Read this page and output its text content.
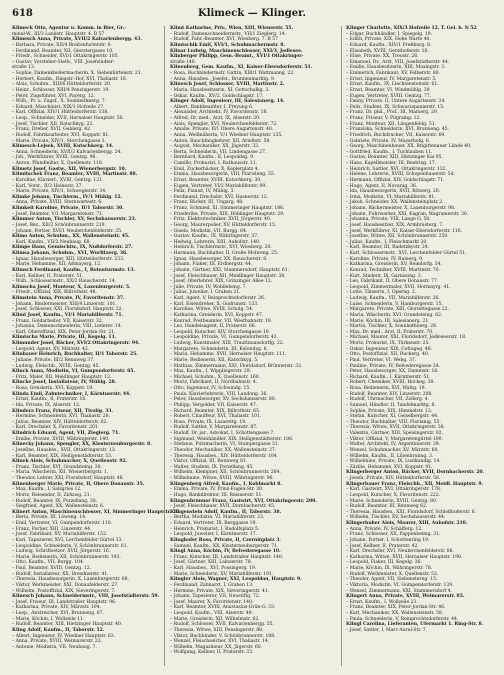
618	Klimeck — Klinger.
Klimeck Otto, Agentur u. Komm. in Bier, Gr.-
minal-W., III/3 Landstr. Hauptstr. 4. B 57
Klimesch Anna, Private, XVII/2 Kalvarienbergg. 43.
– Barbara, Private, XII/4 Breitenfurterstr. 9.
– Ferdinand, Beamter, XII, Gierstergasse 10.
– Friedr., Schneider, XVI/1 Ottakringerstr. 105.
– Gustav, Vorsteher-Stellv., VIII. Josefstädter-
straße 13.
– Sophie, Damenkleidermacherin, X. Siebenhirtenstr. 21.
– Herbert, Kaufm., Ringstr.-Hof, XVI, Thaliastr. 16.
– Alois, Schuhm., XIII/6 Hütteldorferstr. 20.
– Heinr., Schlosser, XIII/4 Penzingerstr. 19.
– Peter, Zugsführer, XVI, Payerg. 12.
– Wilh., Pr. u. Zugsf., X, Sonnleithnerg. 7.
– Eduard, Maschinist, XIX/1 Hofzeile 27.
– Karl, Offizial, XIV/1 Hütteldorferstr. 138.
– Leop., Schneider, XVII, Hernalser Hauptstr. 50.
– Josef, Tischler, XII, Ratschkyg. 22.
– Franz, Dreher, XVII, Geblerg. 42.
– Rudolf, Fabriksarbeiter, XVI, Koppstr. 81.
– Marie, Private, XIV/1, Storchengasse 3.
Klimesch-Lejsek, XVIII, Kutschkerg. 14.
– Anna, Schneiderin, XVII/3 Kalvarienbergg. 24.
– Joh., Werkführer, XVIII, Gentzg. 96.
– Anton, Pfandleiher, X, Quellenstr. 118.
Klimetz Josef, Gastw., XII, Wienerbergstr. 10.
Klimitschek Franz, Beamter, XVIII, Martinstr. 88.
– Karoline, Klavierl., XVIII, Gentzg. 121.
– Karl, Vorst., II/3 Heinestr. 37.
– Marie, Private, XIV/1, Schweglerstr. 34.
Klimke Johann, Tischlerm., IV/1 Mühlg. 12.
– Anna, Private, XVIII, Sternwartestr. 6.
Klimkeit Karoline, Private, II/1 Taborstr. 30.
– Josef, Beamter, V/1 Margaretenstr. 71.
Klimmer Anton, Tischler, XV, Sechshauserstr. 23.
– Josef, Bez., XII/2 Schönbrunnerstr. 219.
– Johann, Portier, XVI/1 Neulerchenfelderstr. 35.
Klimo Anton, Schuhm., XX, Wallensteinstr. 45.
– Karl, Kaufm., VII/2 Neubaug. 68.
Klimpe Hans, Gemischtw., IX, Nußdorferstr. 27.
Klimsa Johann, Schuhm., XVI, Wurlitzerg. 36.
– Ignaz, Hausbesorger, XIII, Hütteldorferstr. 233.
– Marie, Hebamme, XII, Aßmayerg. 12.
Klimsch Ferdinand, Kaufm., I, Rotenturmstr. 13.
– Karl, Kellner, II, Praterstr. 51.
– Wilh., Schlossermstr., XX/2 Rauscherstr. 14.
Klimscha Josef, Monteur, X, Laxenburgerstr. 5.
– Friedr., Offizial, XIX, Billrothstr. 48.
Klimstein Anna, Private, IV, Favoritenstr. 37.
– Johann, Bindermeister, XIII/4 Linzerstr. 101.
– Josef, Schlosser, XXI, Floridsdorf, Hauptstr. 22.
Klimt Josef, Kaufm., VI/1 Mariahilferstr. 71.
– Franz, Goldarbeiter, VII, Kaiserstr. 32.
– Johanna, Damenschneiderin, VIII, Lederer. 14.
– Karl, Oberoffizial, XIX, Peter-Jordan-Str. 21.
Klimtscha Marie, Private, III, Kegelg. 11.
Klimunder Josef, Bäcker, XVI/2 Ottakringerstr. 94.
– Leopold, Agent, XV, Märzstr. 42.
Klinbauer Heinrich, Buchhalter, II/1 Taborstr. 25.
– Juliane, Private, III/2 Rennweg 37.
– Ludwig, Fleischh., XVIII, Gentzg. 45.
Klinck Anna, Modistin, VI, Gumpendorferstr. 65.
– Fritz, Maler, XII, Meidlinger Hauptstr. 12.
Klincke Josef, Installateur, IV, Mühlg. 28.
– Rosa, Greislerin, XVI, Koppstr. 19.
Klinda Emil, Zahntechniker, I, Kärntnerstr. 44.
– Ernst, Kaufm., II, Praterstr. 16.
– Ida, Private, IX, Alserstr. 12.
Klindera Franz, Friseur, XII, Tivolig. 33.
– Hermine, Schneiderin, XVI, Thaliastr. 28.
– Julius, Beamter, XIV, Hütteldorferstr. 62.
– Karl, Drechsler, X, Favoritenstr. 201.
Klindrich Eduard, Agent, VII, Zieglerg. 71.
– Emilie, Private, XVIII, Währingerstr. 140.
Klinecky Johann, Spengler, XX, Klosterneuburgerstr. 8.
– Josefine, Hausbes., XVII, Ottakringerstr. 13.
– Karl, Beamter, XIX, Heiligenstädterstr. 53.
Klinek Alois, Schuhmacher, X, Quellenstr. 92.
– Franz, Tischler, XVI, Grundsteing. 30.
– Maria, Wäscherin, XII, Wienerbergstr. 1.
– Theodor, Lehrer, XXI, Floridsdorf, Hauptstr. 48.
Klinenberger Marie, Private, II, Obere Donaustr. 35.
– Max, Kaufm., I, Salzgries 12.
– Moriz, Reisender, II, Zirkusg. 21.
– Rudolf, Beamter, IX, Porzellang. 30.
– Siegfried, Agent, XX, Wallensteinstr. 6.
Klinert Anton, Maschinenschlosser, XI, Simmeringer Hauptstr. 77.
– Berta, Private, III, Löweng. 14.
– Emil, Vertreter, VI, Gumpendorferstr. 110.
– Franz, Portier, XIII, Linzerstr. 44.
– Josef, Fabrikant, XV, Mariahilferstr. 152.
– Karl, Tapezierer, XVI, Lerchenfelder Gürtel 33.
– Leopoldine, Schneiderin, V, Schönbrunnerstr. 61.
– Ludwig, Schriftsetzer, XVII, Jörgerstr. 16.
– Marie, Bedienerin, XII, Schönbrunnerstr. 193.
– Otto, Kaufm., VII, Burgg. 104.
– Paul, Beamter, XVIII, Gentzg. 12.
– Rudolf, Installateur, XX, Dresdnerstr. 41.
– Theresia, Hausbesorgerin, X, Laxenburgerstr. 68.
– Viktor, Werkmeister, XXI, Donaufelderstr. 27.
– Wilhelm, Postoffizial, XIX, Sieveringerstr. 7.
Klinesch Johann, Schneidermstr., VIII, Josefstädterstr. 59.
– Josef, Friseur, III, Landstraßer Hauptstr. 96.
– Katharina, Private, XIV, Märzstr. 104.
– Leop., Anstreicher, XVI, Brunneng. 67.
– Marie, Köchin, I, Wollzeile 11.
– Rudolf, Beamter, XIII, Hietzinger Hauptstr. 40.
Kling Adolf, Kaufm., II, Taborstr. 52.
– Albert, Ingenieur, IV, Wiedner Hauptstr. 63.
– Anna, Private, XVIII, Weimarerstr. 22.
– Antonie, Modistin, VII, Neubaug. 7.
Klimt Katharine, Priv., Wien, XIII, Wienerstr. 55.
– Rudolf, Damenschneidermstr., VII/1 Zieglerg. 14.
– Rudolf, Fabr.-Beamter, XVI, Wiesberg. 7. B 57
Klimtschik Emil, XVI/1, Schuhmachermstr. 8.
Klinar Ludwig, Maschinenschlosser, XXI/3, Jedlesee.
Klinberger Philipp, Gem.-Beamt., XVI/1 Ottakringer-
straße 140.
Klinenberg, Gem. Kaufm., XI, Kaiser-Ebersdorferstr. 51.
– Rosa, Buchbindermstr. Gattin, XIII/1 Wattmanng. 22.
– Anna, Hausbes., Josefst., Brunnenmarktg. 9.
Klinesch Josef, Schlosser, XVIII, Martinstr. 2.
– Maria, Hausbesitzerin, XI, Gottschalkg. 3.
– Oskar, Kaufm., XV/2, Goldschlagstr. 17.
Klinger Adolf, Ingenieur, III, Salesianerg. 14.
– Albert, Bankbeamter, I, Freyung 6.
– Alexander, Architekt, IV, Favoritenstr. 18.
– Alfred, Dr. med., Arzt, IX, Alserstr. 20.
– Alois, Spengler, XVI, Neulerchenfelderstr. 72.
– Amalie, Private, II/1 Obere Augartenstr. 40.
– Anna, Weißnäherin, V/1 Wiedner Hauptstr. 135.
– Anton, Rauchfangkehrer, XII, Arndtstr. 58.
– August, Mechaniker, XX, Jägerstr. 33.
– Berta, Schneiderin, VII, Lindengasse 27.
– Bernhard, Kaufm., II, Leopoldsg. 9.
– Camillo, Prokurist, I, Rathausstr. 11.
– Emil, Zuckerbäcker, X, Keplerplatz 4.
– Emma, Hausbesorgerin, VIII, Piaristeng. 55.
– Ernst, Beamter, XVIII, Kutschkerg. 30.
– Eugen, Vertreter, VI/2 Mariahilferstr. 99.
– Felix, Pianist, IV, Mühlg. 3.
– Ferdinand, Drechsler, XVI, Hasnerstr. 12.
– Franz, Bäcker, III, Ungarg. 48.
– Franz, Schmied, XI, Simmeringer Hauptstr. 186.
– Friederike, Private, XIX, Döblinger Hauptstr. 29.
– Fritz, Elektrotechniker, XVII, Jörgerstr. 40.
– Georg, Maurerpolier, XV, Hütteldorferstr. 15.
– Gisela, Modistin, VII, Burgg. 64.
– Gustav, Kaufm., IX, Währingerstr. 37.
– Hedwig, Lehrerin, XIII, Auhofstr. 140.
– Heinrich, Tischlermstr., XVI, Wiesberg. 20.
– Hermann, Buchhalter, II, Große Mohreng. 25.
– Ignaz, Hausbesorger, XX, Rauscherstr. 8.
– Johann, Fiaker, III, Erdbergstr. 44.
– Johann, Gärtner, XXI, Stammersdorf, Hauptstr. 61.
– Josef, Fleischhauer, XII, Meidlinger Hauptstr. 38.
– Josef, Oberlehrer, XIX, Grinzinger Allee 12.
– Julie, Private, IV, Wohllebeng. 7.
– Julius, Juwelier, I, Graben 21.
– Karl, Agent, V, Reinprechtsdorferstr. 26.
– Karl, Eisendreher, X, Gudrunstr. 133.
– Karoline, Witwe, XVIII, Schulg. 54.
– Katharina, Greislerin, XVI, Koppstr. 47.
– Konrad, Postbeamter, VII, Westbahnstr. 19.
– Leo, Handelsagent, II, Praterstr. 66.
– Leopold, Kutscher, XIV, Storchengasse 10.
– Leopoldine, Private, VI, Gumpendorferstr. 42.
– Ludwig, Kunstmaler, XIII, Trauttmansdorffg. 22.
– Margarete, Schneiderin, III, Kolonitzg. 6.
– Maria, Hebamme, XVII, Hernalser Hauptstr. 111.
– Marie, Bedienerin, XII, Ratschkyg. 5.
– Mathias, Zimmermann, XXI, Floridsdorf, Brünnerstr. 32.
– Max, Kaufm., I, Wipplingerstr. 29.
– Michael, Schuhm., X, Quellenstr. 160.
– Moriz, Fabrikant, II, Nordbahnstr. 4.
– Otto, Ingenieur, IV, Schwindg. 15.
– Paula, Klavierlehrerin, VIII, Laudong. 36.
– Peter, Hausbesorger, XV, Sechshauserstr. 80.
– Philipp, Vergolder, VII, Kaiserstr. 47.
– Richard, Beamter, XIX, Billrothstr. 65.
– Robert, Chauffeur, XVI, Thaliastr. 101.
– Rosa, Private, IX, Lazarettg. 18.
– Rudolf, Sattler, V, Margaretenstr. 87.
– Rudolf, Dr. jur., Advokat, I, Schottengasse 7.
– Sigmund, Weinhändler, XIX, Heiligenstädterstr. 106.
– Stefanie, Putzmacherin, VI, Stumpergasse 31.
– Theodor, Mechaniker, XX, Wallensteinstr. 27.
– Theresia, Hausbes., XIV, Hütteldorferstr. 104.
– Viktor, Offizial, III, Rennweg 81.
– Walter, Student, IX, Porzellang. 45.
– Wilhelm, Klempner, XII, Schönbrunnerstr. 264.
– Wilhelmine, Witwe, XVIII, Währingerstr. 96.
Klingenberg Alfred, Kaufm., I, Kohlmarkt 8.
– Emma, Private, IV, Prinz-Eugen-Str. 30.
– Hugo, Bankdirektor, III, Reisnerstr. 51.
Klingenbrunner Franz, Gastwirt, XVI, Ottakringerstr. 200.
– Josef, Fleischhauer, XVII, Dornbacherstr. 45.
Klingenstein Adolf, Kaufm., II, Taborstr. 38.
– Bertha, Modistin, VI, Mariahilferstr. 23.
– Eduard, Vertreter, IX, Berggasse 19.
– Heinrich, Prokurist, I, Rudolfsplatz 5.
– Leopold, Juwelier, I, Kärntnerstr. 17.
Klinghofer Rosa, Private, II, Czerninplatz 3.
– Samuel, Kaufm., XX, Klosterneuburgerstr. 71.
Klingl Anna, Köchin, IV, Belvederegasse 10.
– Franz, Kutscher, III, Landstraßer Hauptstr. 140.
– Josef, Gärtner, XIII, Lainzerstr. 78.
– Karl, Hausbes., XVI, Possingerg. 19.
– Marie, Schneiderin, XV, Mariahilferstr. 191.
Klingler Alois, Wagner, XXI, Leopoldau, Hauptstr. 9.
– Ferdinand, Zahnarzt, I, Graben 13.
– Hermine, Private, XIX, Sieveringerstr. 41.
– Johann, Tapezierer, VII, Neustiftg. 72.
– Josef, Maurer, X, Favoritenstr. 140.
– Karl, Beamter, XVIII, Anastasius-Grün-G. 33.
– Leopold, Kaufm., VIII, Alserstr. 49.
– Marie, Greislerin, XII, Wilhelmstr. 62.
– Rudolf, Schlosser, XVII, Kalvarienbergg. 55.
– Theresia, Witwe, XIII, Penzingerstr. 88.
– Viktor, Buchbinder, V, Schönbrunnerstr. 108.
– Wenzel, Fleischselcher, XVI, Thaliastr. 14.
– Wilhelm, Magazineur, XX, Jägerstr. 60.
– Wolfgang, Kellner, II, Praterstr. 33.
Klinger Charlotte, XIX/3 Hofzeile 12. T. Gel. b. N 52
– Edgar, Buchhändler, I, Spiegelg. 19.
– Edith, Private, XIX, Hohe Warte 40.
– Eduard, Kaufm., XIV/1 Preßburg. 8.
– Elisabeth, XVIII, Gersthoferstr. 16.
– Elise, Private, XX, Treustr. 28.
– Emanuel, Dr., Arzt, VIII, Josefstädterstr. 44.
– Emilie, Hausbesitzerin, XIII, Maxingstr. 3.
– Emmerich, Fabrikant, XV, Felberstr. 80.
– Ernst, Ingenieur, IV, Margaretenstr. 5.
– Ernst, Kaufm., IX, Liechtensteinstr. 61.
– Ernst, Beamter, VI, Windmühlg. 30.
– Eugen, Vertreter, XVIII, Gentzg. 77.
– Fanny, Private, II, Untere Augartenstr. 24.
– Felix, Student, IX, Schwarzspanierstr. 15.
– Franz, Dr. phil., Prof., III, Marxerg. 29.
– Franz, Friseur, V, Pilgramg. 12.
– Franz, Monteur, XII, Längenfeldg. 51.
– Franziska, Schneiderin, XVI, Brunneng. 45.
– Friedrich, Buchdrucker, VII, Kaiserstr. 69.
– Gabriele, Private, IV, Mayerhofg. 6.
– Georg, Maschinenbauer, XX, Brigittenauer Lände 40.
– Gottfried, Kaufm., I, Tuchlauben 11.
– Gustav, Beamter, XIII, Hietzinger Kai 95.
– Hans, Kapellmeister, III, Beatrixg. 17.
– Heinrich, Sattler, XVI, Ottakringerstr. 132.
– Helene, Lehrerin, XVIII, Schopenhauerstr. 54.
– Hermann, Offizial, XIV, Goldschlagstr. 71.
– Hugo, Agent, II, Novarag. 36.
– Ida, Hausbesorgerin, XVII, Rötzerg. 20.
– Irma, Modistin, VI, Mariahilferstr. 81.
– Jakob, Schneider, XX, Wallensteinplatz 2.
– Johann, Bäckermeister, X, Laxenburgerstr. 98.
– Johann, Fuhrwerker, XXI, Kagran, Wagramerstr. 30.
– Johanna, Private, VIII, Lange G. 58.
– Josef, Hausbesitzer, XIX, Armbrusterg. 7.
– Josef, Werkführer, XI, Kaiser-Ebersdorferstr. 116.
– Josefine, Witwe, XII, Schönbrunnerstr. 250.
– Julius, Kaufm., I, Fleischmarkt 20.
– Karl, Beamter, III, Radetzkystr. 24.
– Karl, Schlossermstr., XVI, Lerchenfelder Gürtel 51.
– Karoline, Private, IV, Rainerg. 9.
– Katharina, Greislerin, XV, Reindorfg. 34.
– Konrad, Techniker, XVIII, Martinstr. 70.
– Kurt, Student, IX, Garnisong. 3.
– Leo, Fabrikant, II, Obere Donaustr. 77.
– Leopold, Zimmermaler, XVII, Hormayrg. 41.
– Lotte, Tänzerin, I, Operng. 2.
– Ludwig, Kaufm., VII, Mariahilferstr. 26.
– Luise, Schneiderin, V, Hamburgerstr. 15.
– Margarete, Private, XIII, Gloriettegasse 22.
– Maria, Wäscherin, XVI, Grundsteing. 62.
– Marie, Köchin, III, Salesianerg. 21.
– Martin, Tischler, X, Sonnleithnerg. 28.
– Max, Dr. med., Arzt, II, Praterstr. 70.
– Michael, Maurer, XXI, Floridsdorf, Jedleseerstr. 18.
– Moriz, Prokurist, IX, Türkenstr. 25.
– Oskar, Ingenieur, XIX, Cottageg. 48.
– Otto, Postoffizial, XII, Ruckerg. 40.
– Paul, Vertreter, VI, Webg. 37.
– Pauline, Private, IV, Belvederegasse 24.
– Peter, Hausbesorger, XX, Dammstr. 16.
– Richard, Kaufm., I, Kärntnerstr. 51.
– Robert, Chemiker, XVIII, Hockeg. 30.
– Rosa, Bedienerin, XVI, Wattg. 19.
– Rudolf, Beamter, XIV, Linzerstr. 208.
– Rudolf, Uhrmacher, VII, Zollerg. 4.
– Samuel, Händler, II, Tandelmarktg. 8.
– Sophie, Private, XIX, Himmelstr. 13.
– Stefan, Kutscher, XI, Geiselbergstr. 44.
– Theodor, Buchhalter, VIII, Florianig. 55.
– Theresia, Witwe, XVII, Ottakringerstr. 38.
– Valentin, Gärtner, XIII, Speisingerstr. 92.
– Viktor, Offizial, V, Margaretengürtel 100.
– Walter, Architekt, IV, Argentinierstr. 39.
– Wenzel, Schuhmacher, XV, Märzstr. 60.
– Wilhelm, Kaufm., II, Lilienbrunng. 3.
– Wilhelmine, Private, IX, Lustkandlg. 14.
– Zäzilie, Hebamme, XVI, Koppstr. 91.
Klingerberger Anton, Bäcker, XVII, Dornbacherstr. 20.
– Josefa, Private, XIV, Hütteldorferstr. 58.
Klingerbauer Franz, Fleischh., XII, Meidl. Hauptstr. 9.
– Karl, Gastwirt, XVI, Ottakringerstr. 178.
– Leopold, Kutscher, X, Favoritenstr. 222.
– Marie, Schneiderin, XVIII, Gentzg. 80.
– Rudolf, Beamter, III, Rennweg 62.
– Theresia, Hausbes., XXI, Floridsdorf, Schloßhoferstr. 6.
– Wilhelm, Tischler, XV, Sechshauserstr. 44.
Klingerhuber Alois, Maurer, XIII, Auhofstr. 210.
– Anna, Private, IV, Schäfferg. 12.
– Franz, Schlosser, XX, Pappenheimg. 31.
– Johann, Portier, I, Schottenring 19.
– Josef, Kellner, II, Praterstr. 42.
– Karl, Drechsler, XVI, Neulerchenfelderstr. 88.
– Katharina, Witwe, XVII, Hernalser Hauptstr. 190.
– Leopold, Fiaker, III, Kegelg. 36.
– Marie, Köchin, IX, Währingerstr. 78.
– Rudolf, Werkmeister, X, Quellenstr. 52.
– Theodor, Agent, VII, Siebensterng. 15.
– Viktoria, Modistin, VI, Gumpendorferstr. 139.
– Wenzel, Zimmermann, XXI, Stammersdorf 4.
Klingert Anna, Private, XVIII, Weimarerstr. 85.
– Ernst, Kaufm., I, Wollzeile 23.
– Franz, Beamter, XIX, Peter-Jordan-Str. 46.
– Karl, Mechaniker, XX, Wallensteinstr. 58.
– Paula, Schneiderin, V, Reinprechtsdorferstr. 44.
Klingl Carolina, Lieferanten, Ufermarkt 1. Ring-Str. 8.
– Josef, Sattler, I, Marc-Aurel-Str. 7.
